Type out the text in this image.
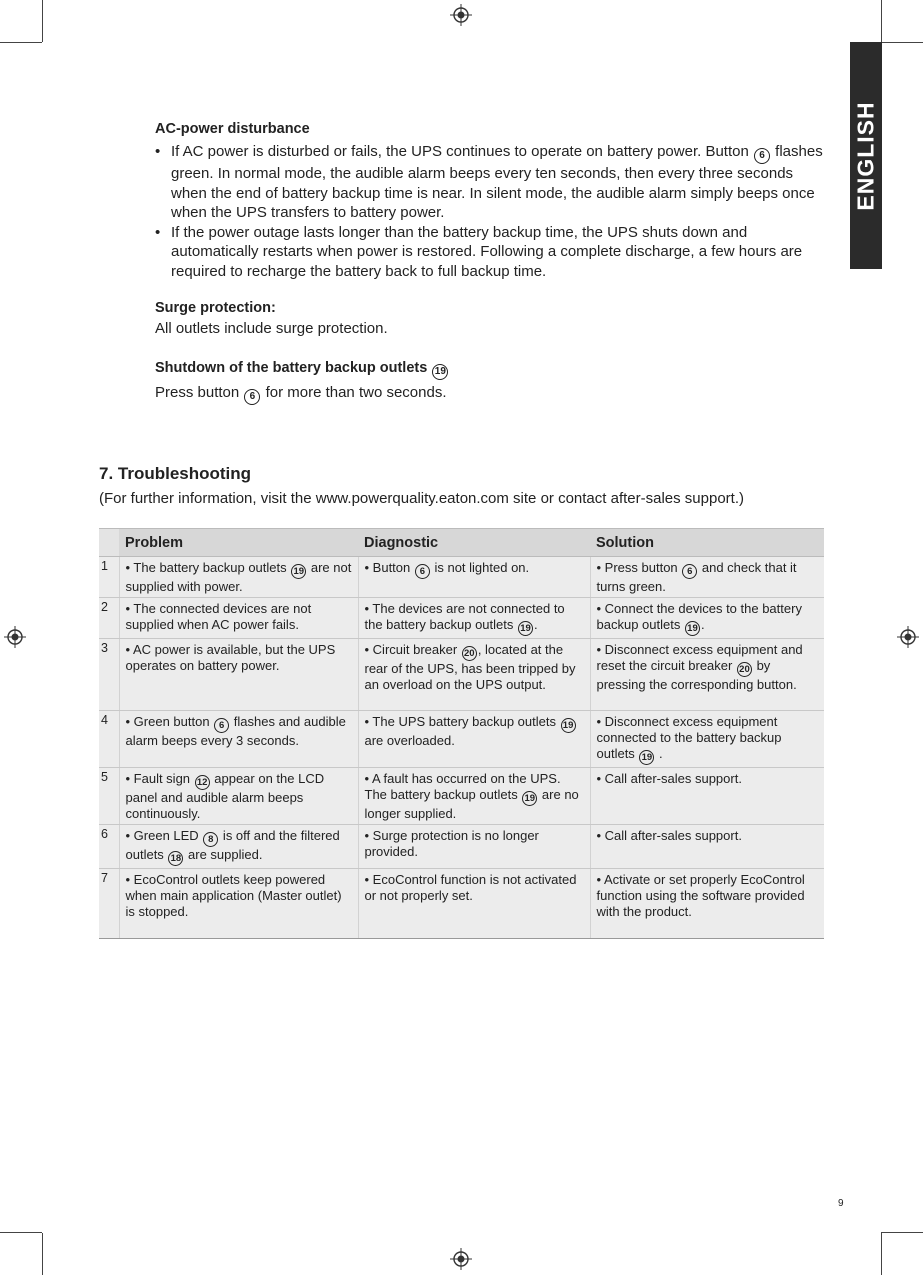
ENGLISH
AC-power disturbance
• If AC power is disturbed or fails, the UPS continues to operate on battery power. Button 6 flashes green. In normal mode, the audible alarm beeps every ten seconds, then every three seconds when the end of battery backup time is near. In silent mode, the audible alarm simply beeps once when the UPS transfers to battery power.
• If the power outage lasts longer than the battery backup time, the UPS shuts down and automatically restarts when power is restored. Following a complete discharge, a few hours are required to recharge the battery back to full backup time.
Surge protection:
All outlets include surge protection.
Shutdown of the battery backup outlets 19
Press button 6 for more than two seconds.
7. Troubleshooting
(For further information, visit the www.powerquality.eaton.com site or contact after-sales support.)
	Problem	Diagnostic	Solution
1	• The battery backup outlets 19 are not supplied with power.	• Button 6 is not lighted on.	• Press button 6 and check that it turns green.
2	• The connected devices are not supplied when AC power fails.	• The devices are not connected to the battery backup outlets 19 .	• Connect the devices to the battery backup outlets 19 .
3	• AC power is available, but the UPS operates on battery power.	• Circuit breaker 20 , located at the rear of the UPS, has been tripped by an overload on the UPS output.	• Disconnect excess equipment and reset the circuit breaker 20 by pressing the corresponding button.
4	• Green button 6 flashes and audible alarm beeps every 3 seconds.	• The UPS battery backup outlets 19 are overloaded.	• Disconnect excess equipment connected to the battery backup outlets 19 .
5	• Fault sign 12 appear on the LCD panel and audible alarm beeps continuously.	• A fault has occurred on the UPS. The battery backup outlets 19 are no longer supplied.	• Call after-sales support.
6	• Green LED 8 is off and the filtered outlets 18 are supplied.	• Surge protection is no longer provided.	• Call after-sales support.
7	• EcoControl outlets keep powered when main application (Master outlet) is stopped.	• EcoControl function is not activated or not properly set.	• Activate or set properly EcoControl function using the software provided with the product.
9
